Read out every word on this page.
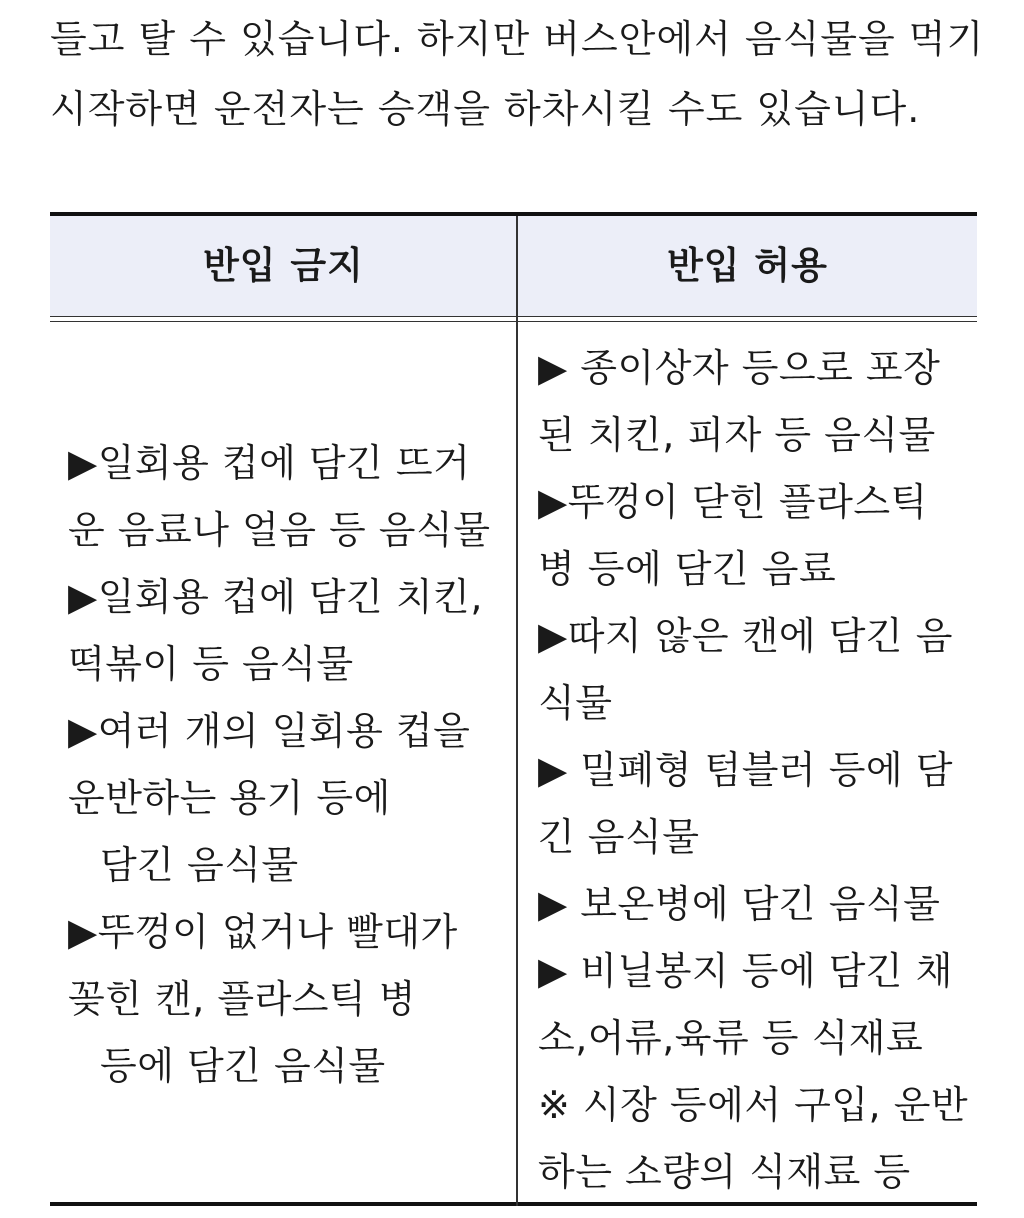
들고 탈 수 있습니다. 하지만 버스안에서 음식물을 먹기

시작하면 운전자는 승객을 하차시킬 수도 있습니다.

반입 금지	반입 허용
▶일회용 컵에 담긴 뜨거
운 음료나 얼음 등 음식물
▶일회용 컵에 담긴 치킨,
떡볶이 등 음식물
▶여러 개의 일회용 컵을
운반하는 용기 등에
담긴 음식물
▶뚜껑이 없거나 빨대가
꽂힌 캔, 플라스틱 병
등에 담긴 음식물
▶ 종이상자 등으로 포장
된 치킨, 피자 등 음식물
▶뚜껑이 닫힌 플라스틱
병 등에 담긴 음료
▶따지 않은 캔에 담긴 음
식물
▶ 밀폐형 텀블러 등에 담
긴 음식물
▶ 보온병에 담긴 음식물
▶ 비닐봉지 등에 담긴 채
소,어류,육류 등 식재료
※ 시장 등에서 구입, 운반
하는 소량의 식재료 등
